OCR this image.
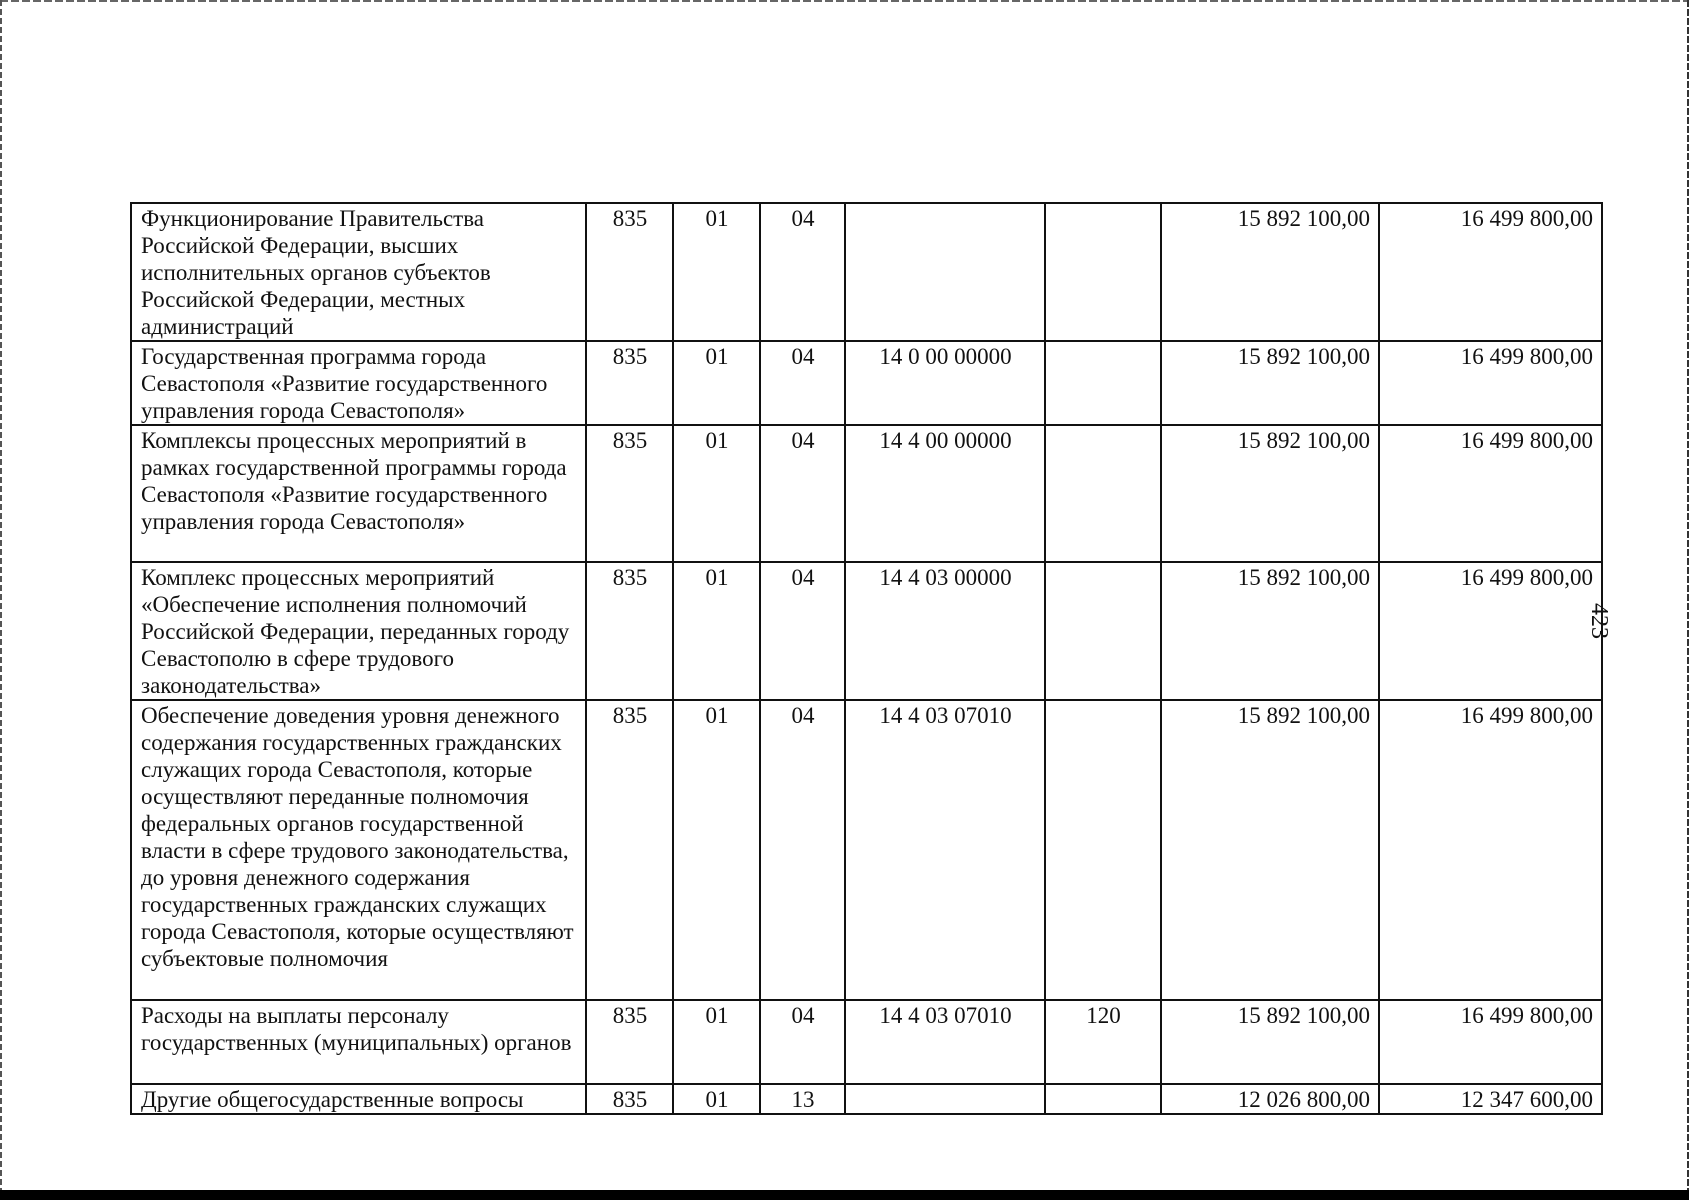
423
Функционирование Правительства Российской Федерации, высших исполнительных органов субъектов Российской Федерации, местных администраций	835	01	04			15 892 100,00	16 499 800,00
Государственная программа города Севастополя «Развитие государственного управления города Севастополя»	835	01	04	14 0 00 00000		15 892 100,00	16 499 800,00
Комплексы процессных мероприятий в рамках государственной программы города Севастополя «Развитие государственного управления города Севастополя»	835	01	04	14 4 00 00000		15 892 100,00	16 499 800,00
Комплекс процессных мероприятий «Обеспечение исполнения полномочий Российской Федерации, переданных городу Севастополю в сфере трудового законодательства»	835	01	04	14 4 03 00000		15 892 100,00	16 499 800,00
Обеспечение доведения уровня денежного содержания государственных гражданских служащих города Севастополя, которые осуществляют переданные полномочия федеральных органов государственной власти в сфере трудового законодательства, до уровня денежного содержания государственных гражданских служащих города Севастополя, которые осуществляют субъектовые полномочия	835	01	04	14 4 03 07010		15 892 100,00	16 499 800,00
Расходы на выплаты персоналу государственных (муниципальных) органов	835	01	04	14 4 03 07010	120	15 892 100,00	16 499 800,00
Другие общегосударственные вопросы	835	01	13			12 026 800,00	12 347 600,00
